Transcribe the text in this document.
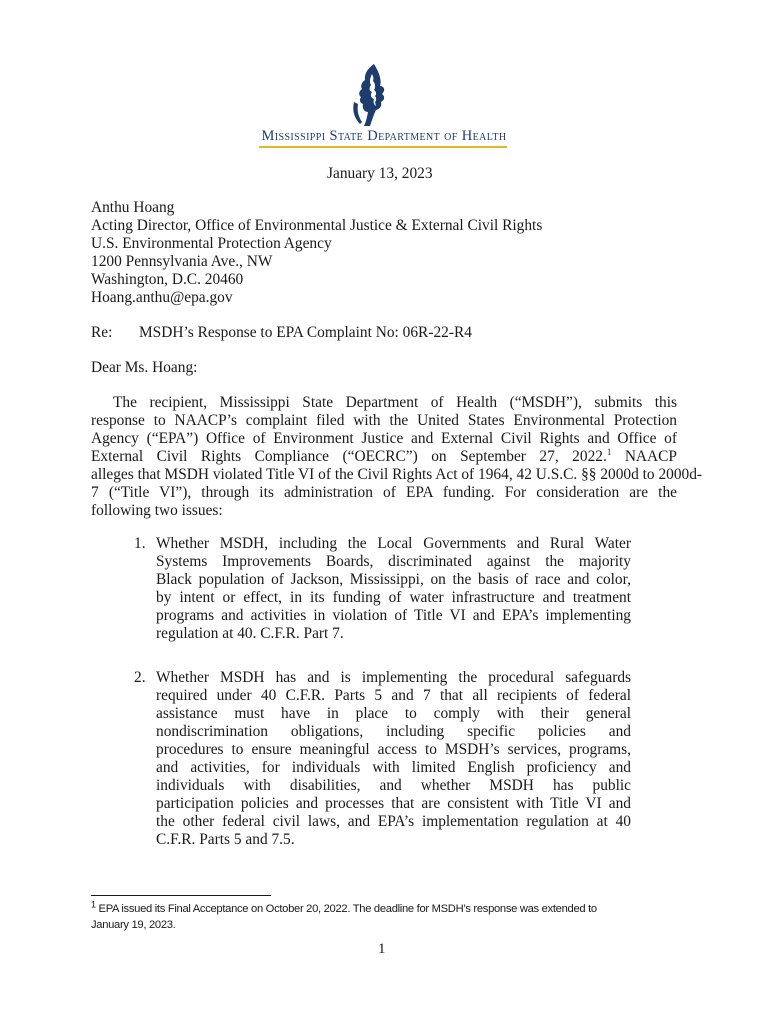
Mississippi State Department of Health
January 13, 2023
Anthu Hoang
Acting Director, Office of Environmental Justice & External Civil Rights
U.S. Environmental Protection Agency
1200 Pennsylvania Ave., NW
Washington, D.C. 20460
Hoang.anthu@epa.gov
Re: MSDH’s Response to EPA Complaint No: 06R-22-R4
Dear Ms. Hoang:
The recipient, Mississippi State Department of Health (“MSDH”), submits this
response to NAACP’s complaint filed with the United States Environmental Protection
Agency (“EPA”) Office of Environment Justice and External Civil Rights and Office of
External Civil Rights Compliance (“OECRC”) on September 27, 2022.$^1$ NAACP
alleges that MSDH violated Title VI of the Civil Rights Act of 1964, 42 U.S.C. §§ 2000d to 2000d-
7 (“Title VI”), through its administration of EPA funding. For consideration are the
following two issues:
1. Whether MSDH, including the Local Governments and Rural Water
Systems Improvements Boards, discriminated against the majority
Black population of Jackson, Mississippi, on the basis of race and color,
by intent or effect, in its funding of water infrastructure and treatment
programs and activities in violation of Title VI and EPA’s implementing
regulation at 40. C.F.R. Part 7.
2. Whether MSDH has and is implementing the procedural safeguards
required under 40 C.F.R. Parts 5 and 7 that all recipients of federal
assistance must have in place to comply with their general
nondiscrimination obligations, including specific policies and
procedures to ensure meaningful access to MSDH’s services, programs,
and activities, for individuals with limited English proficiency and
individuals with disabilities, and whether MSDH has public
participation policies and processes that are consistent with Title VI and
the other federal civil laws, and EPA’s implementation regulation at 40
C.F.R. Parts 5 and 7.5.
$^1$ EPA issued its Final Acceptance on October 20, 2022. The deadline for MSDH’s response was extended to
January 19, 2023.
1
